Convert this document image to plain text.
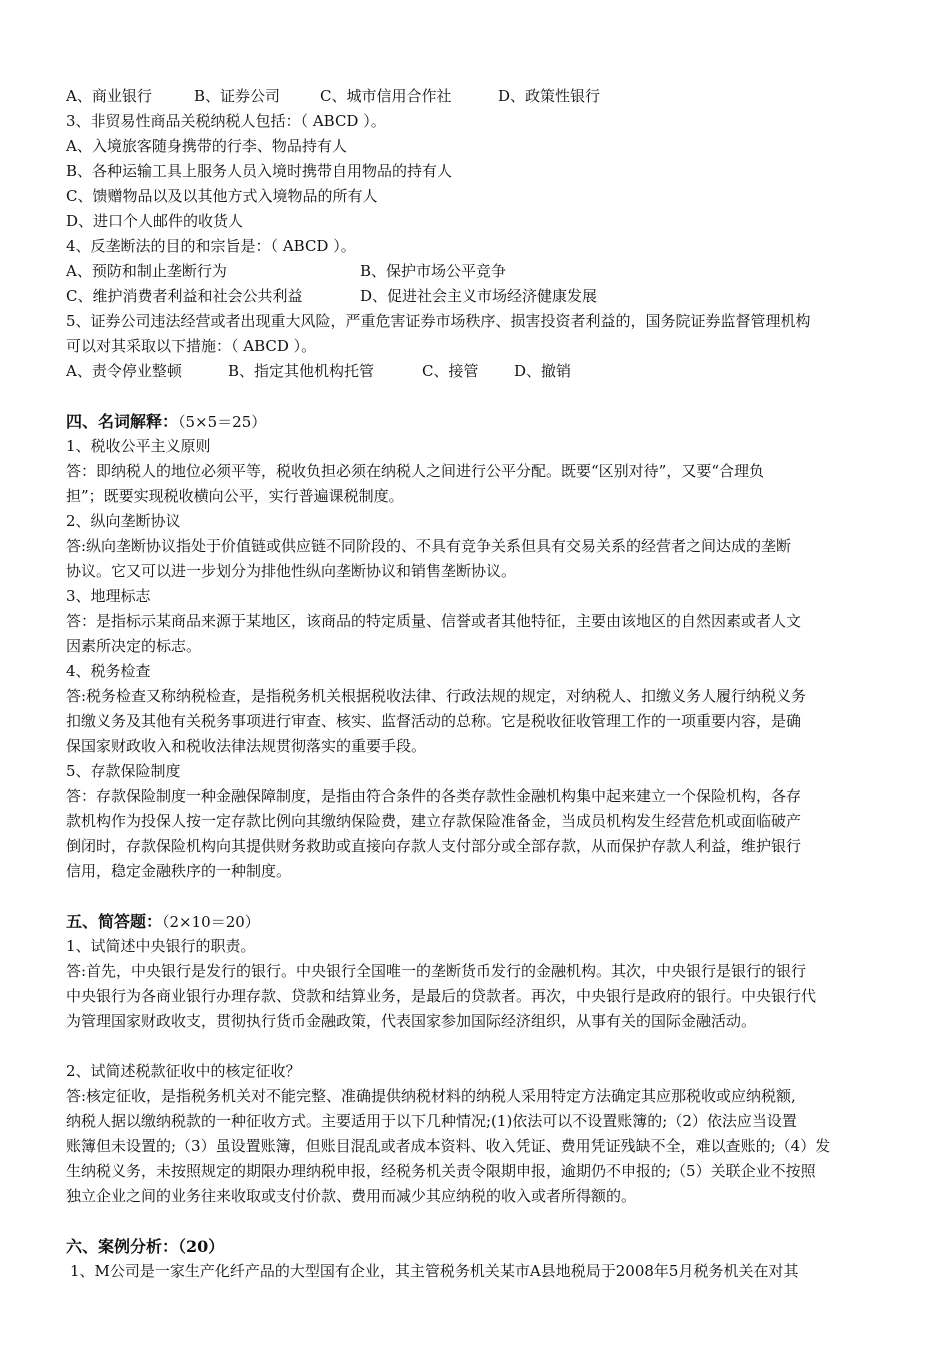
A、商业银行	B、证券公司	C、城市信用合作社	D、政策性银行
3、非贸易性商品关税纳税人包括：（ ABCD ）。
A、入境旅客随身携带的行李、物品持有人
B、各种运输工具上服务人员入境时携带自用物品的持有人
C、馈赠物品以及以其他方式入境物品的所有人
D、进口个人邮件的收货人
4、反垄断法的目的和宗旨是：（ ABCD ）。
A、预防和制止垄断行为	B、保护市场公平竞争
C、维护消费者利益和社会公共利益	D、促进社会主义市场经济健康发展
5、证券公司违法经营或者出现重大风险，严重危害证券市场秩序、损害投资者利益的，国务院证券监督管理机构
可以对其采取以下措施：（ ABCD ）。
A、责令停业整顿	B、指定其他机构托管	C、接管 D、撤销
四、名词解释：（5×5＝25）
1、税收公平主义原则
答：即纳税人的地位必须平等，税收负担必须在纳税人之间进行公平分配。既要“区别对待”，又要“合理负
担”；既要实现税收横向公平，实行普遍课税制度。
2、纵向垄断协议
答:纵向垄断协议指处于价值链或供应链不同阶段的、不具有竞争关系但具有交易关系的经营者之间达成的垄断
协议。它又可以进一步划分为排他性纵向垄断协议和销售垄断协议。
3、地理标志
答：是指标示某商品来源于某地区，该商品的特定质量、信誉或者其他特征，主要由该地区的自然因素或者人文
因素所决定的标志。
4、税务检查
答:税务检查又称纳税检查，是指税务机关根据税收法律、行政法规的规定，对纳税人、扣缴义务人履行纳税义务
扣缴义务及其他有关税务事项进行审查、核实、监督活动的总称。它是税收征收管理工作的一项重要内容，是确
保国家财政收入和税收法律法规贯彻落实的重要手段。
5、存款保险制度
答：存款保险制度一种金融保障制度，是指由符合条件的各类存款性金融机构集中起来建立一个保险机构，各存
款机构作为投保人按一定存款比例向其缴纳保险费，建立存款保险准备金，当成员机构发生经营危机或面临破产
倒闭时，存款保险机构向其提供财务救助或直接向存款人支付部分或全部存款，从而保护存款人利益，维护银行
信用，稳定金融秩序的一种制度。
五、简答题：（2×10＝20）
1、试简述中央银行的职责。
答:首先，中央银行是发行的银行。中央银行全国唯一的垄断货币发行的金融机构。其次，中央银行是银行的银行
中央银行为各商业银行办理存款、贷款和结算业务，是最后的贷款者。再次，中央银行是政府的银行。中央银行代
为管理国家财政收支，贯彻执行货币金融政策，代表国家参加国际经济组织，从事有关的国际金融活动。
2、试简述税款征收中的核定征收？
答:核定征收，是指税务机关对不能完整、准确提供纳税材料的纳税人采用特定方法确定其应那税收或应纳税额,
纳税人据以缴纳税款的一种征收方式。主要适用于以下几种情况;(1)依法可以不设置账簿的;（2）依法应当设置
账簿但未设置的;（3）虽设置账簿，但账目混乱或者成本资料、收入凭证、费用凭证残缺不全，难以查账的;（4）发
生纳税义务，未按照规定的期限办理纳税申报，经税务机关责令限期申报，逾期仍不申报的;（5）关联企业不按照
独立企业之间的业务往来收取或支付价款、费用而减少其应纳税的收入或者所得额的。
六、案例分析：（20）
1、M公司是一家生产化纤产品的大型国有企业，其主管税务机关某市A县地税局于2008年5月税务机关在对其
